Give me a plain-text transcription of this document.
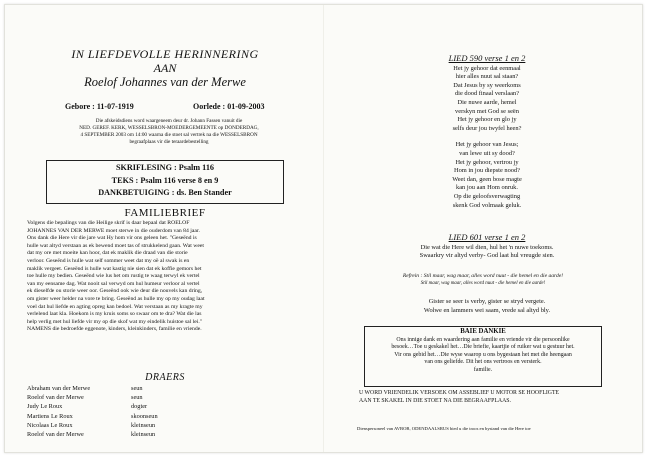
IN LIEFDEVOLLE HERINNERING
AAN
Roelof Johannes van der Merwe
Gebore : 11-07-1919	Oorlede : 01-09-2003
Die afskeidsdiens word waargeneem deur dr. Johann Fassen vanuit die
NED. GEREF. KERK, WESSELSBRON-MOEDERGEMEENTE op DONDERDAG,
4 SEPTEMBER 2003 om 14:00 waarna die stoet sal vertrek na die WESSELSBRON
begraafplaas vir die teraardebestelling
SKRIFLESING : Psalm 116
TEKS : Psalm 116 verse 8 en 9
DANKBETUIGING : ds. Ben Stander
FAMILIEBRIEF
Volgens die bepalings van die Heilige skrif is daar bepaal dat ROELOF
JOHANNES VAN DER MERWE moet sterwe in die ouderdom van 84 jaar.
Ons dank die Here vir die jare wat Hy hom vir ons geleen het. "Geseënd is
hulle wat altyd verstaan as ek bewend moet tas of strukkelend gaan. Wat weet
dat my ore met moeite kan hoor, dat ek maklik die draad van die storie
verloor. Geseënd is hulle wat self sommer weet dat my oë al swak is en
maklik vergeet. Geseënd is hulle wat kastig nie sien dat ek koffie gemors het
toe hulle my bedien. Geseënd wie lus het om rustig te waag terwyl ek vertel
van my eensame dag. Wat nooit sal verwyd om hul humeur verloor al vertel
ek dieselfde ou storie weer oor. Geseënd ook wie deur die nouvels kan dring,
om gister weer helder na vore te bring. Geseënd as hulle my op my oudag laat
voel dat hul liefde en agting opreg kan bedoel. Wat verstaan as my kragte my
verlelend laat kla. Hoekom is my kruis soms so swaar om te dra? Wat die las
help verlig met hul liefde vir my op die skof wat my eindelik huistoe sal lei."
NAMENS die bedroefde eggenote, kinders, kleinkinders, familie en vriende.
DRAERS
Abraham van der Merwe	seun
Roelof van der Merwe	seun
Judy Le Roux	dogter
Martiens Le Roux	skoonseun
Nicolaas Le Roux	kleinseun
Roelof van der Merwe	kleinseun
LIED 590 verse 1 en 2
Het jy gehoor dat eenmaal
hier alles nuut sal staan?
Dat Jesus by sy weerkoms
die dood finaal verslaan?
Die nuwe aarde, hemel
verskyn met God se seën
Het jy gehoor en glo jy
selfs deur jou twyfel heen?
Het jy gehoor van Jesus;
van lewe uit sy dood?
Het jy gehoor, vertrou jy
Hom in jou diepste nood?
Weet dan, geen bose magte
kan jou aan Hom onruk.
Op die geloofsverwagting
skenk God volmaak geluk.
LIED 601 verse 1 en 2
Die wat die Here wil dien, hul het 'n nuwe toekoms.
Swaarkry vir altyd verby- God laat hul vreugde sien.
Refrein : Stil maar, wag maar, alles word nuut - die hemel en die aarde!
Stil maar, wag maar, alles word nuut - die hemel en die aarde!
Gister se seer is verby, gister se stryd vergete.
Wolwe en lammers wei saam, vrede sal altyd bly.
BAIE DANKIE
Ons innige dank en waardering aan familie en vriende vir die persoonlike
besoek…Toe u geskakel het…Die briefie, kaartjie of ruiker wat u gestuur het.
Vir ons gebid het…Die wyse waarop u ons bygestaan het met die heengaan
van ons geliefde. Dit het ons vertroos en versterk.
familie.
U WORD VRIENDELIK VERSOEK OM ASSEBLIEF U MOTOR SE HOOFLIGTE
AAN TE SKAKEL IN DIE STOET NA DIE BEGRAAFPLAAS.
Dienspersoneel van AVBOB, ODENDAALSRUS bied u die troos en bystand van die Here toe
